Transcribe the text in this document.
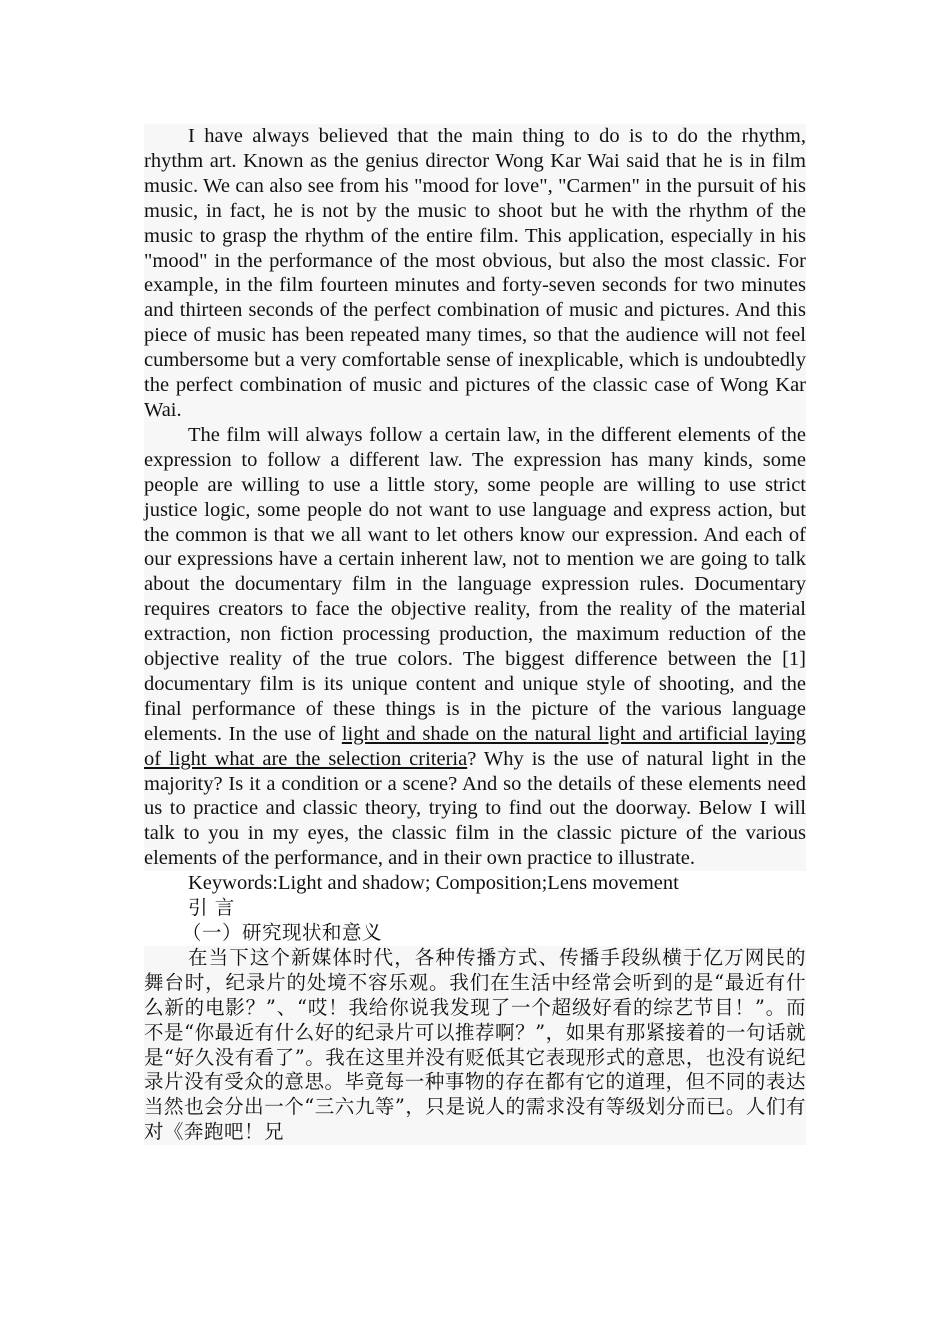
I have always believed that the main thing to do is to do the rhythm, rhythm art. Known as the genius director Wong Kar Wai said that he is in film music. We can also see from his "mood for love", "Carmen" in the pursuit of his music, in fact, he is not by the music to shoot but he with the rhythm of the music to grasp the rhythm of the entire film. This application, especially in his "mood" in the performance of the most obvious, but also the most classic. For example, in the film fourteen minutes and forty-seven seconds for two minutes and thirteen seconds of the perfect combination of music and pictures. And this piece of music has been repeated many times, so that the audience will not feel cumbersome but a very comfortable sense of inexplicable, which is undoubtedly the perfect combination of music and pictures of the classic case of Wong Kar Wai.

The film will always follow a certain law, in the different elements of the expression to follow a different law. The expression has many kinds, some people are willing to use a little story, some people are willing to use strict justice logic, some people do not want to use language and express action, but the common is that we all want to let others know our expression. And each of our expressions have a certain inherent law, not to mention we are going to talk about the documentary film in the language expression rules. Documentary requires creators to face the objective reality, from the reality of the material extraction, non fiction processing production, the maximum reduction of the objective reality of the true colors. The biggest difference between the [1] documentary film is its unique content and unique style of shooting, and the final performance of these things is in the picture of the various language elements. In the use of light and shade on the natural light and artificial laying of light what are the selection criteria? Why is the use of natural light in the majority? Is it a condition or a scene? And so the details of these elements need us to practice and classic theory, trying to find out the doorway. Below I will talk to you in my eyes, the classic film in the classic picture of the various elements of the performance, and in their own practice to illustrate.

Keywords:Light and shadow; Composition;Lens movement

引 言

（一）研究现状和意义

在当下这个新媒体时代，各种传播方式、传播手段纵横于亿万网民的舞台时，纪录片的处境不容乐观。我们在生活中经常会听到的是“最近有什么新的电影？”、“哎！我给你说我发现了一个超级好看的综艺节目！”。而不是“你最近有什么好的纪录片可以推荐啊？”，如果有那紧接着的一句话就是“好久没有看了”。我在这里并没有贬低其它表现形式的意思，也没有说纪录片没有受众的意思。毕竟每一种事物的存在都有它的道理，但不同的表达当然也会分出一个“三六九等”，只是说人的需求没有等级划分而已。人们有对《奔跑吧！兄
